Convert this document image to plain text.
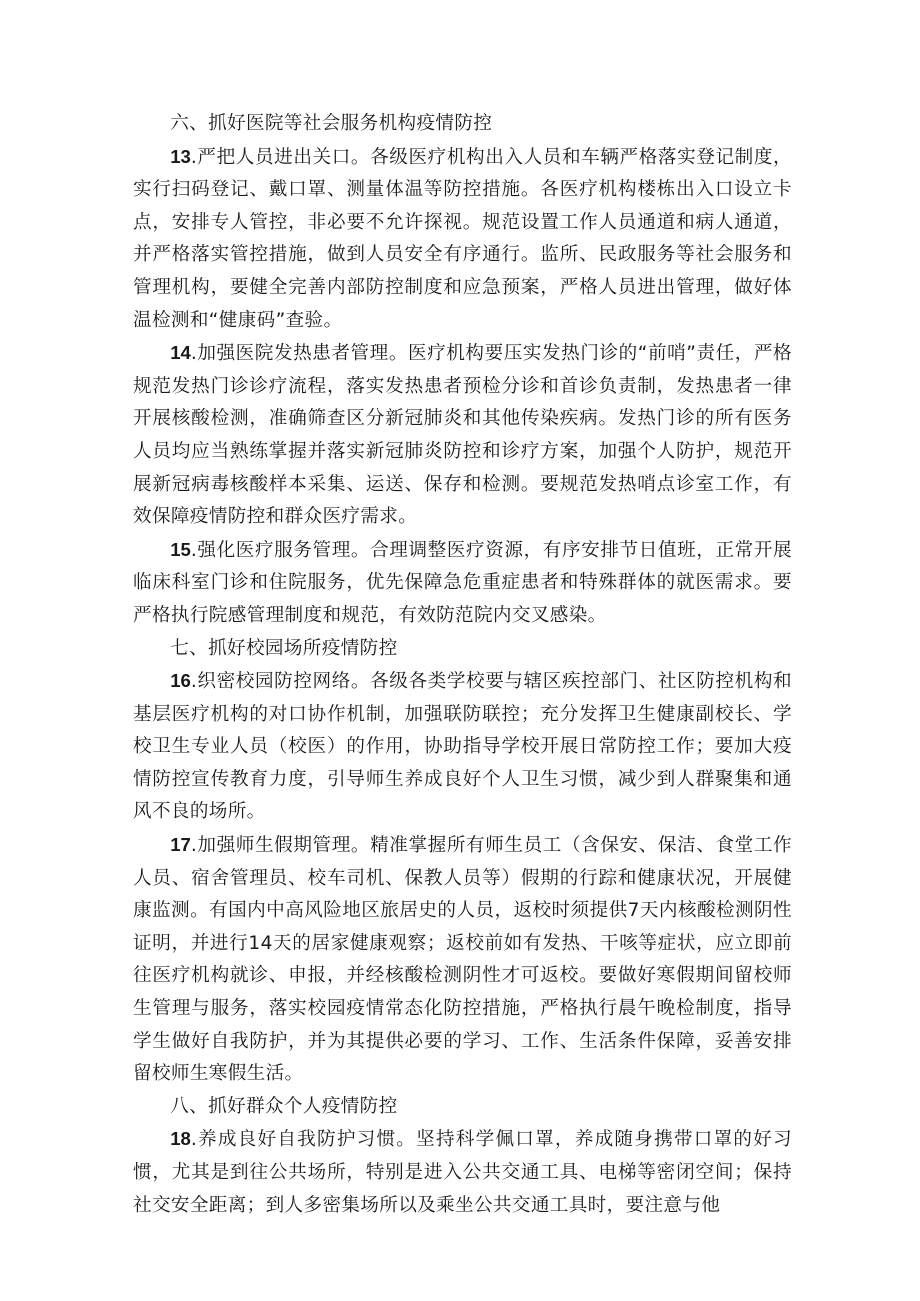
六、抓好医院等社会服务机构疫情防控

13.严把人员进出关口。各级医疗机构出入人员和车辆严格落实登记制度，实行扫码登记、戴口罩、测量体温等防控措施。各医疗机构楼栋出入口设立卡点，安排专人管控，非必要不允许探视。规范设置工作人员通道和病人通道，并严格落实管控措施，做到人员安全有序通行。监所、民政服务等社会服务和管理机构，要健全完善内部防控制度和应急预案，严格人员进出管理，做好体温检测和“健康码”查验。

14.加强医院发热患者管理。医疗机构要压实发热门诊的“前哨”责任，严格规范发热门诊诊疗流程，落实发热患者预检分诊和首诊负责制，发热患者一律开展核酸检测，准确筛查区分新冠肺炎和其他传染疾病。发热门诊的所有医务人员均应当熟练掌握并落实新冠肺炎防控和诊疗方案，加强个人防护，规范开展新冠病毒核酸样本采集、运送、保存和检测。要规范发热哨点诊室工作，有效保障疫情防控和群众医疗需求。

15.强化医疗服务管理。合理调整医疗资源，有序安排节日值班，正常开展临床科室门诊和住院服务，优先保障急危重症患者和特殊群体的就医需求。要严格执行院感管理制度和规范，有效防范院内交叉感染。

七、抓好校园场所疫情防控

16.织密校园防控网络。各级各类学校要与辖区疾控部门、社区防控机构和基层医疗机构的对口协作机制，加强联防联控；充分发挥卫生健康副校长、学校卫生专业人员（校医）的作用，协助指导学校开展日常防控工作；要加大疫情防控宣传教育力度，引导师生养成良好个人卫生习惯，减少到人群聚集和通风不良的场所。

17.加强师生假期管理。精准掌握所有师生员工（含保安、保洁、食堂工作人员、宿舍管理员、校车司机、保教人员等）假期的行踪和健康状况，开展健康监测。有国内中高风险地区旅居史的人员，返校时须提供7天内核酸检测阴性证明，并进行14天的居家健康观察；返校前如有发热、干咳等症状，应立即前往医疗机构就诊、申报，并经核酸检测阴性才可返校。要做好寒假期间留校师生管理与服务，落实校园疫情常态化防控措施，严格执行晨午晚检制度，指导学生做好自我防护，并为其提供必要的学习、工作、生活条件保障，妥善安排留校师生寒假生活。

八、抓好群众个人疫情防控

18.养成良好自我防护习惯。坚持科学佩口罩，养成随身携带口罩的好习惯，尤其是到往公共场所，特别是进入公共交通工具、电梯等密闭空间；保持社交安全距离；到人多密集场所以及乘坐公共交通工具时，要注意与他
